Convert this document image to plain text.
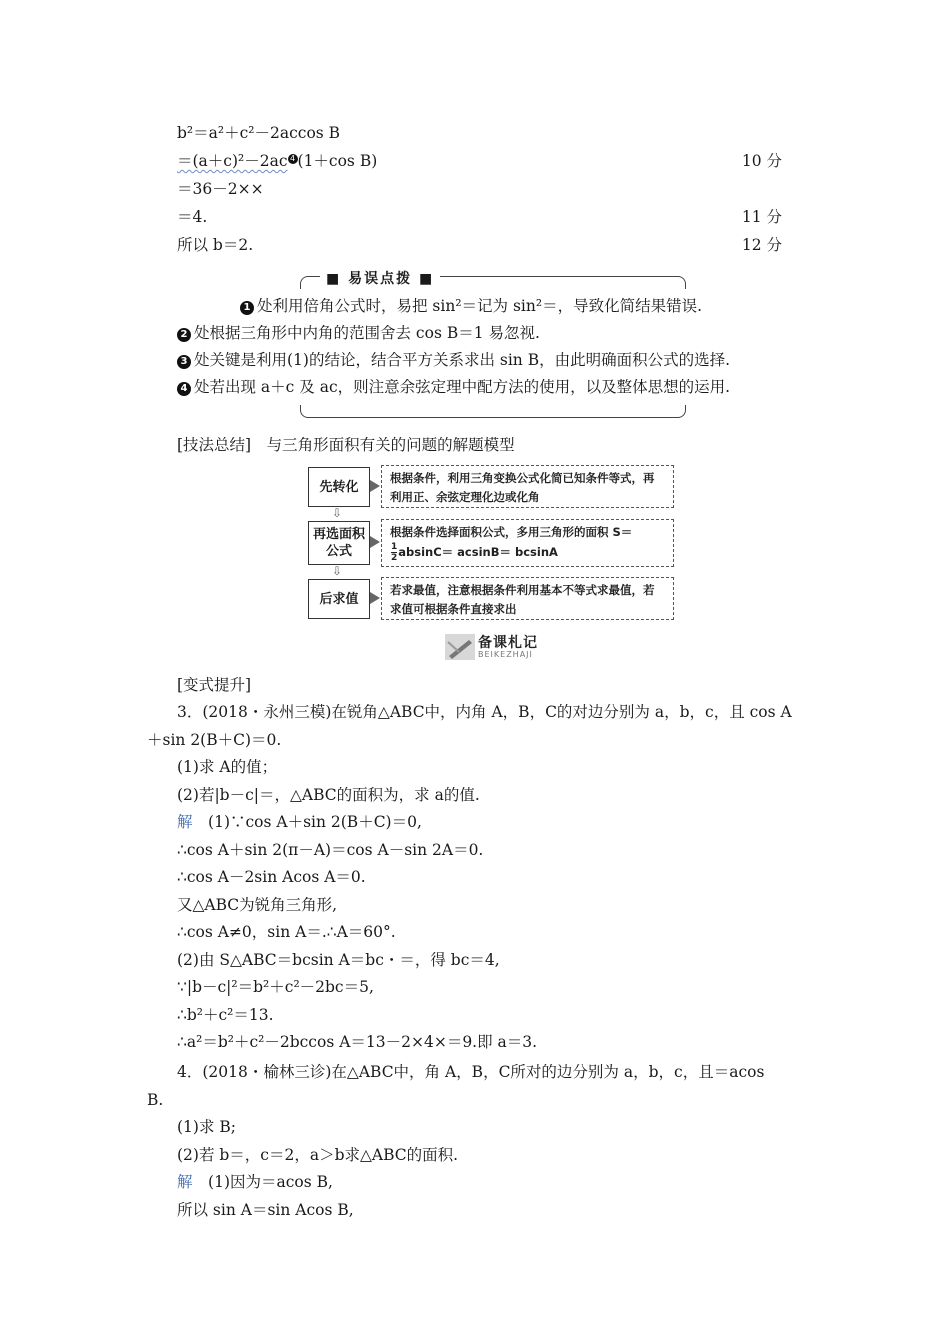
b²＝a²＋c²－2accos B
＝(a＋c)²－2ac 4 (1＋cos B)	10 分
＝36－2××
＝4.	11 分
所以 b＝2.	12 分
■ 易误点拨 ■
1 处利用倍角公式时，易把 sin²＝记为 sin²＝，导致化简结果错误.
2 处根据三角形中内角的范围舍去 cos B＝1 易忽视.
3 处关键是利用(1)的结论，结合平方关系求出 sin B，由此明确面积公式的选择.
4 处若出现 a＋c 及 ac，则注意余弦定理中配方法的使用，以及整体思想的运用.
[技法总结]　与三角形面积有关的问题的解题模型
先转化
根据条件，利用三角变换公式化简已知条件等式，再利用正、余弦定理化边或化角
⇩
再选面积公式
根据条件选择面积公式，多用三角形的面积 S＝

$\frac{1}{2} absinC= acsinB= bcsinA$
⇩
后求值
若求最值，注意根据条件利用基本不等式求最值，若求值可根据条件直接求出
备课札记
BEIKEZHAJI
[变式提升]
3．(2018・永州三模)在锐角△ABC中，内角 A，B，C的对边分别为 a，b，c，且 cos A
＋sin 2(B＋C)＝0.
(1)求 A的值；
(2)若|b－c|＝，△ABC的面积为，求 a的值.
解　 (1)∵cos A＋sin 2(B＋C)＝0,
∴cos A＋sin 2(π－A)＝cos A－sin 2A＝0.
∴cos A－2sin Acos A＝0.
又△ABC为锐角三角形,
∴cos A≠0，sin A＝.∴A＝60°.
(2)由 S△ABC＝bcsin A＝bc・＝，得 bc＝4,
∵|b－c|²＝b²＋c²－2bc＝5,
∴b²＋c²＝13.
∴a²＝b²＋c²－2bccos A＝13－2×4×＝9.即 a＝3.
4．(2018・榆林三诊)在△ABC中，角 A，B，C所对的边分别为 a，b，c，且＝acos
B.
(1)求 B;
(2)若 b＝，c＝2，a＞b求△ABC的面积.
解　 (1)因为＝acos B,
所以 sin A＝sin Acos B,
